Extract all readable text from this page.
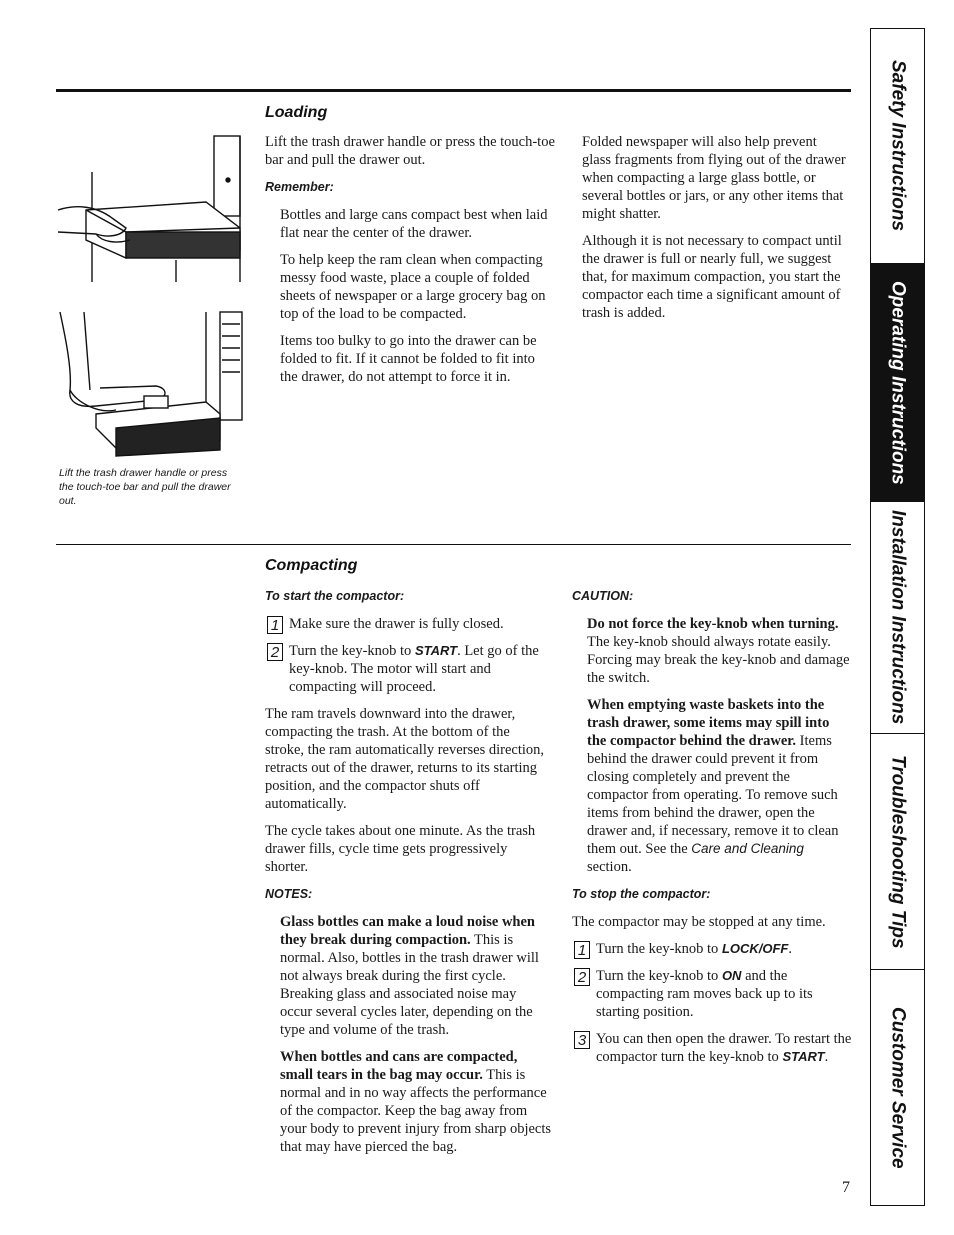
Lift the trash drawer handle or press the touch-toe bar and pull the drawer out.
Loading

Lift the trash drawer handle or press the touch-toe bar and pull the drawer out.

Remember:

Bottles and large cans compact best when laid flat near the center of the drawer.

To help keep the ram clean when compacting messy food waste, place a couple of folded sheets of newspaper or a large grocery bag on top of the load to be compacted.

Items too bulky to go into the drawer can be folded to fit. If it cannot be folded to fit into the drawer, do not attempt to force it in.

Folded newspaper will also help prevent glass fragments from flying out of the drawer when compacting a large glass bottle, or several bottles or jars, or any other items that might shatter.

Although it is not necessary to compact until the drawer is full or nearly full, we suggest that, for maximum compaction, you start the compactor each time a significant amount of trash is added.

Compacting
To start the compactor:
1 Make sure the drawer is fully closed.
2 Turn the key-knob to START. Let go of the key-knob. The motor will start and compacting will proceed.

The ram travels downward into the drawer, compacting the trash. At the bottom of the stroke, the ram automatically reverses direction, retracts out of the drawer, returns to its starting position, and the compactor shuts off automatically.

The cycle takes about one minute. As the trash drawer fills, cycle time gets progressively shorter.

NOTES:

Glass bottles can make a loud noise when they break during compaction. This is normal. Also, bottles in the trash drawer will not always break during the first cycle. Breaking glass and associated noise may occur several cycles later, depending on the type and volume of the trash.

When bottles and cans are compacted, small tears in the bag may occur. This is normal and in no way affects the performance of the compactor. Keep the bag away from your body to prevent injury from sharp objects that may have pierced the bag.

CAUTION:

Do not force the key-knob when turning. The key-knob should always rotate easily. Forcing may break the key-knob and damage the switch.

When emptying waste baskets into the trash drawer, some items may spill into the compactor behind the drawer. Items behind the drawer could prevent it from closing completely and prevent the compactor from operating. To remove such items from behind the drawer, open the drawer and, if necessary, remove it to clean them out. See the Care and Cleaning section.

To stop the compactor:

The compactor may be stopped at any time.

1 Turn the key-knob to LOCK/OFF.
2 Turn the key-knob to ON and the compacting ram moves back up to its starting position.
3 You can then open the drawer. To restart the compactor turn the key-knob to START.
Safety Instructions
Operating Instructions
Installation Instructions
Troubleshooting Tips
Customer Service
7
